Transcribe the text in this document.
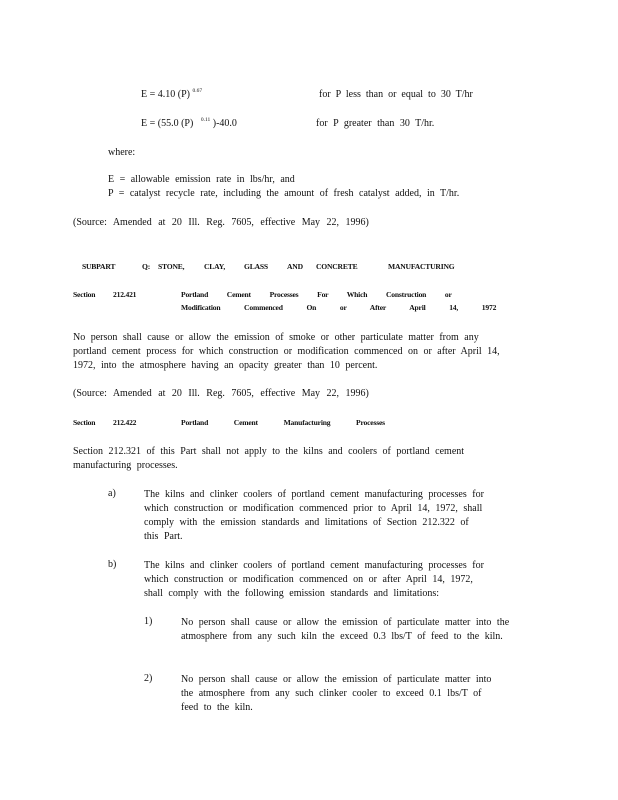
E = 4.10 (P) $^{0.67}$	for P less than or equal to 30 T/hr
E = (55.0 (P) $^{0.11}$ )-40.0	for P greater than 30 T/hr.
where:
E = allowable emission rate in lbs/hr, and
P = catalyst recycle rate, including the amount of fresh catalyst added, in T/hr.
(Source: Amended at 20 Ill. Reg. 7605, effective May 22, 1996)
SUBPART	Q: STONE,	CLAY, GLASS	AND CONCRETE	MANUFACTURING
Section 212.421	Portland Cement Processes For Which Construction or
Modification Commenced On or After April 14, 1972
No person shall cause or allow the emission of smoke or other particulate matter from any portland cement process for which construction or modification commenced on or after April 14, 1972, into the atmosphere having an opacity greater than 10 percent.
(Source: Amended at 20 Ill. Reg. 7605, effective May 22, 1996)
Section 212.422	Portland Cement Manufacturing Processes
Section 212.321 of this Part shall not apply to the kilns and coolers of portland cement manufacturing processes.
a)	The kilns and clinker coolers of portland cement manufacturing processes for which construction or modification commenced prior to April 14, 1972, shall comply with the emission standards and limitations of Section 212.322 of this Part.
b)	The kilns and clinker coolers of portland cement manufacturing processes for which construction or modification commenced on or after April 14, 1972, shall comply with the following emission standards and limitations:
1)	No person shall cause or allow the emission of particulate matter into the atmosphere from any such kiln the exceed 0.3 lbs/T of feed to the kiln.
2)	No person shall cause or allow the emission of particulate matter into the atmosphere from any such clinker cooler to exceed 0.1 lbs/T of feed to the kiln.
